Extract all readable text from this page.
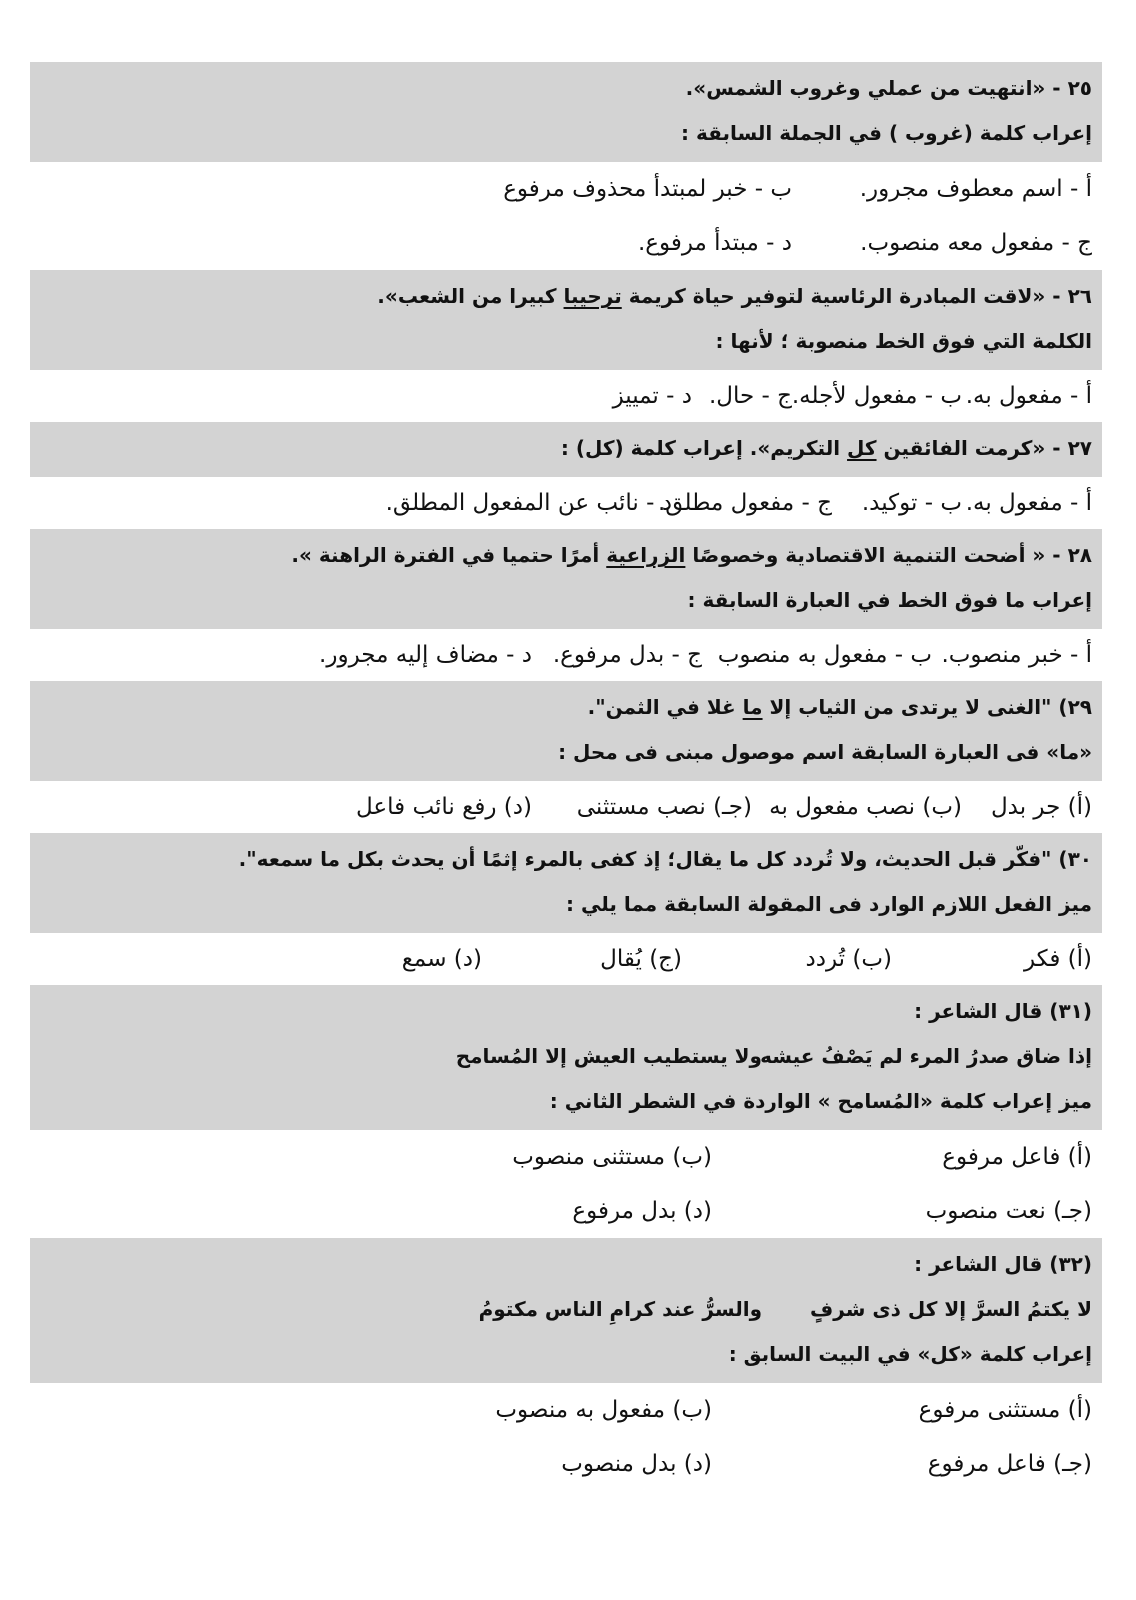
٢٥ - «انتهيت من عملي وغروب الشمس».
إعراب كلمة (غروب ) في الجملة السابقة :
أ - اسم معطوف مجرور.
ب - خبر لمبتدأ محذوف مرفوع
ج - مفعول معه منصوب.
د - مبتدأ مرفوع.
٢٦ - «لاقت المبادرة الرئاسية لتوفير حياة كريمة ترحيبا كبيرا من الشعب».
الكلمة التي فوق الخط منصوبة ؛ لأنها :
أ - مفعول به.
ب - مفعول لأجله.
ج - حال.
د - تمييز
٢٧ - «كرمت الفائقين كل التكريم». إعراب كلمة (كل) :
أ - مفعول به.
ب - توكيد.
ج - مفعول مطلق.
د - نائب عن المفعول المطلق.
٢٨ - « أضحت التنمية الاقتصادية وخصوصًا الزراعية أمرًا حتميا في الفترة الراهنة ».
إعراب ما فوق الخط في العبارة السابقة :
أ - خبر منصوب.
ب - مفعول به منصوب
ج - بدل مرفوع.
د - مضاف إليه مجرور.
٢٩) "الغنى لا يرتدى من الثياب إلا ما غلا في الثمن".
«ما» فى العبارة السابقة اسم موصول مبنى فى محل :
(أ) جر بدل
(ب) نصب مفعول به
(جـ) نصب مستثنى
(د) رفع نائب فاعل
٣٠) "فكّر قبل الحديث، ولا تُردد كل ما يقال؛ إذ كفى بالمرء إثمًا أن يحدث بكل ما سمعه".
ميز الفعل اللازم الوارد فى المقولة السابقة مما يلي :
(أ) فكر
(ب) تُردد
(ج) يُقال
(د) سمع
(٣١) قال الشاعر :
إذا ضاق صدرُ المرء لم يَصْفُ عيشهولا يستطيب العيش إلا المُسامح
ميز إعراب كلمة «المُسامح » الواردة في الشطر الثاني :
(أ) فاعل مرفوع
(ب) مستثنى منصوب
(جـ) نعت منصوب
(د) بدل مرفوع
(٣٢) قال الشاعر :
لا يكتمُ السرَّ إلا كل ذى شرفٍوالسرُّ عند كرامِ الناس مكتومُ
إعراب كلمة «كل» في البيت السابق :
(أ) مستثنى مرفوع
(ب) مفعول به منصوب
(جـ) فاعل مرفوع
(د) بدل منصوب
